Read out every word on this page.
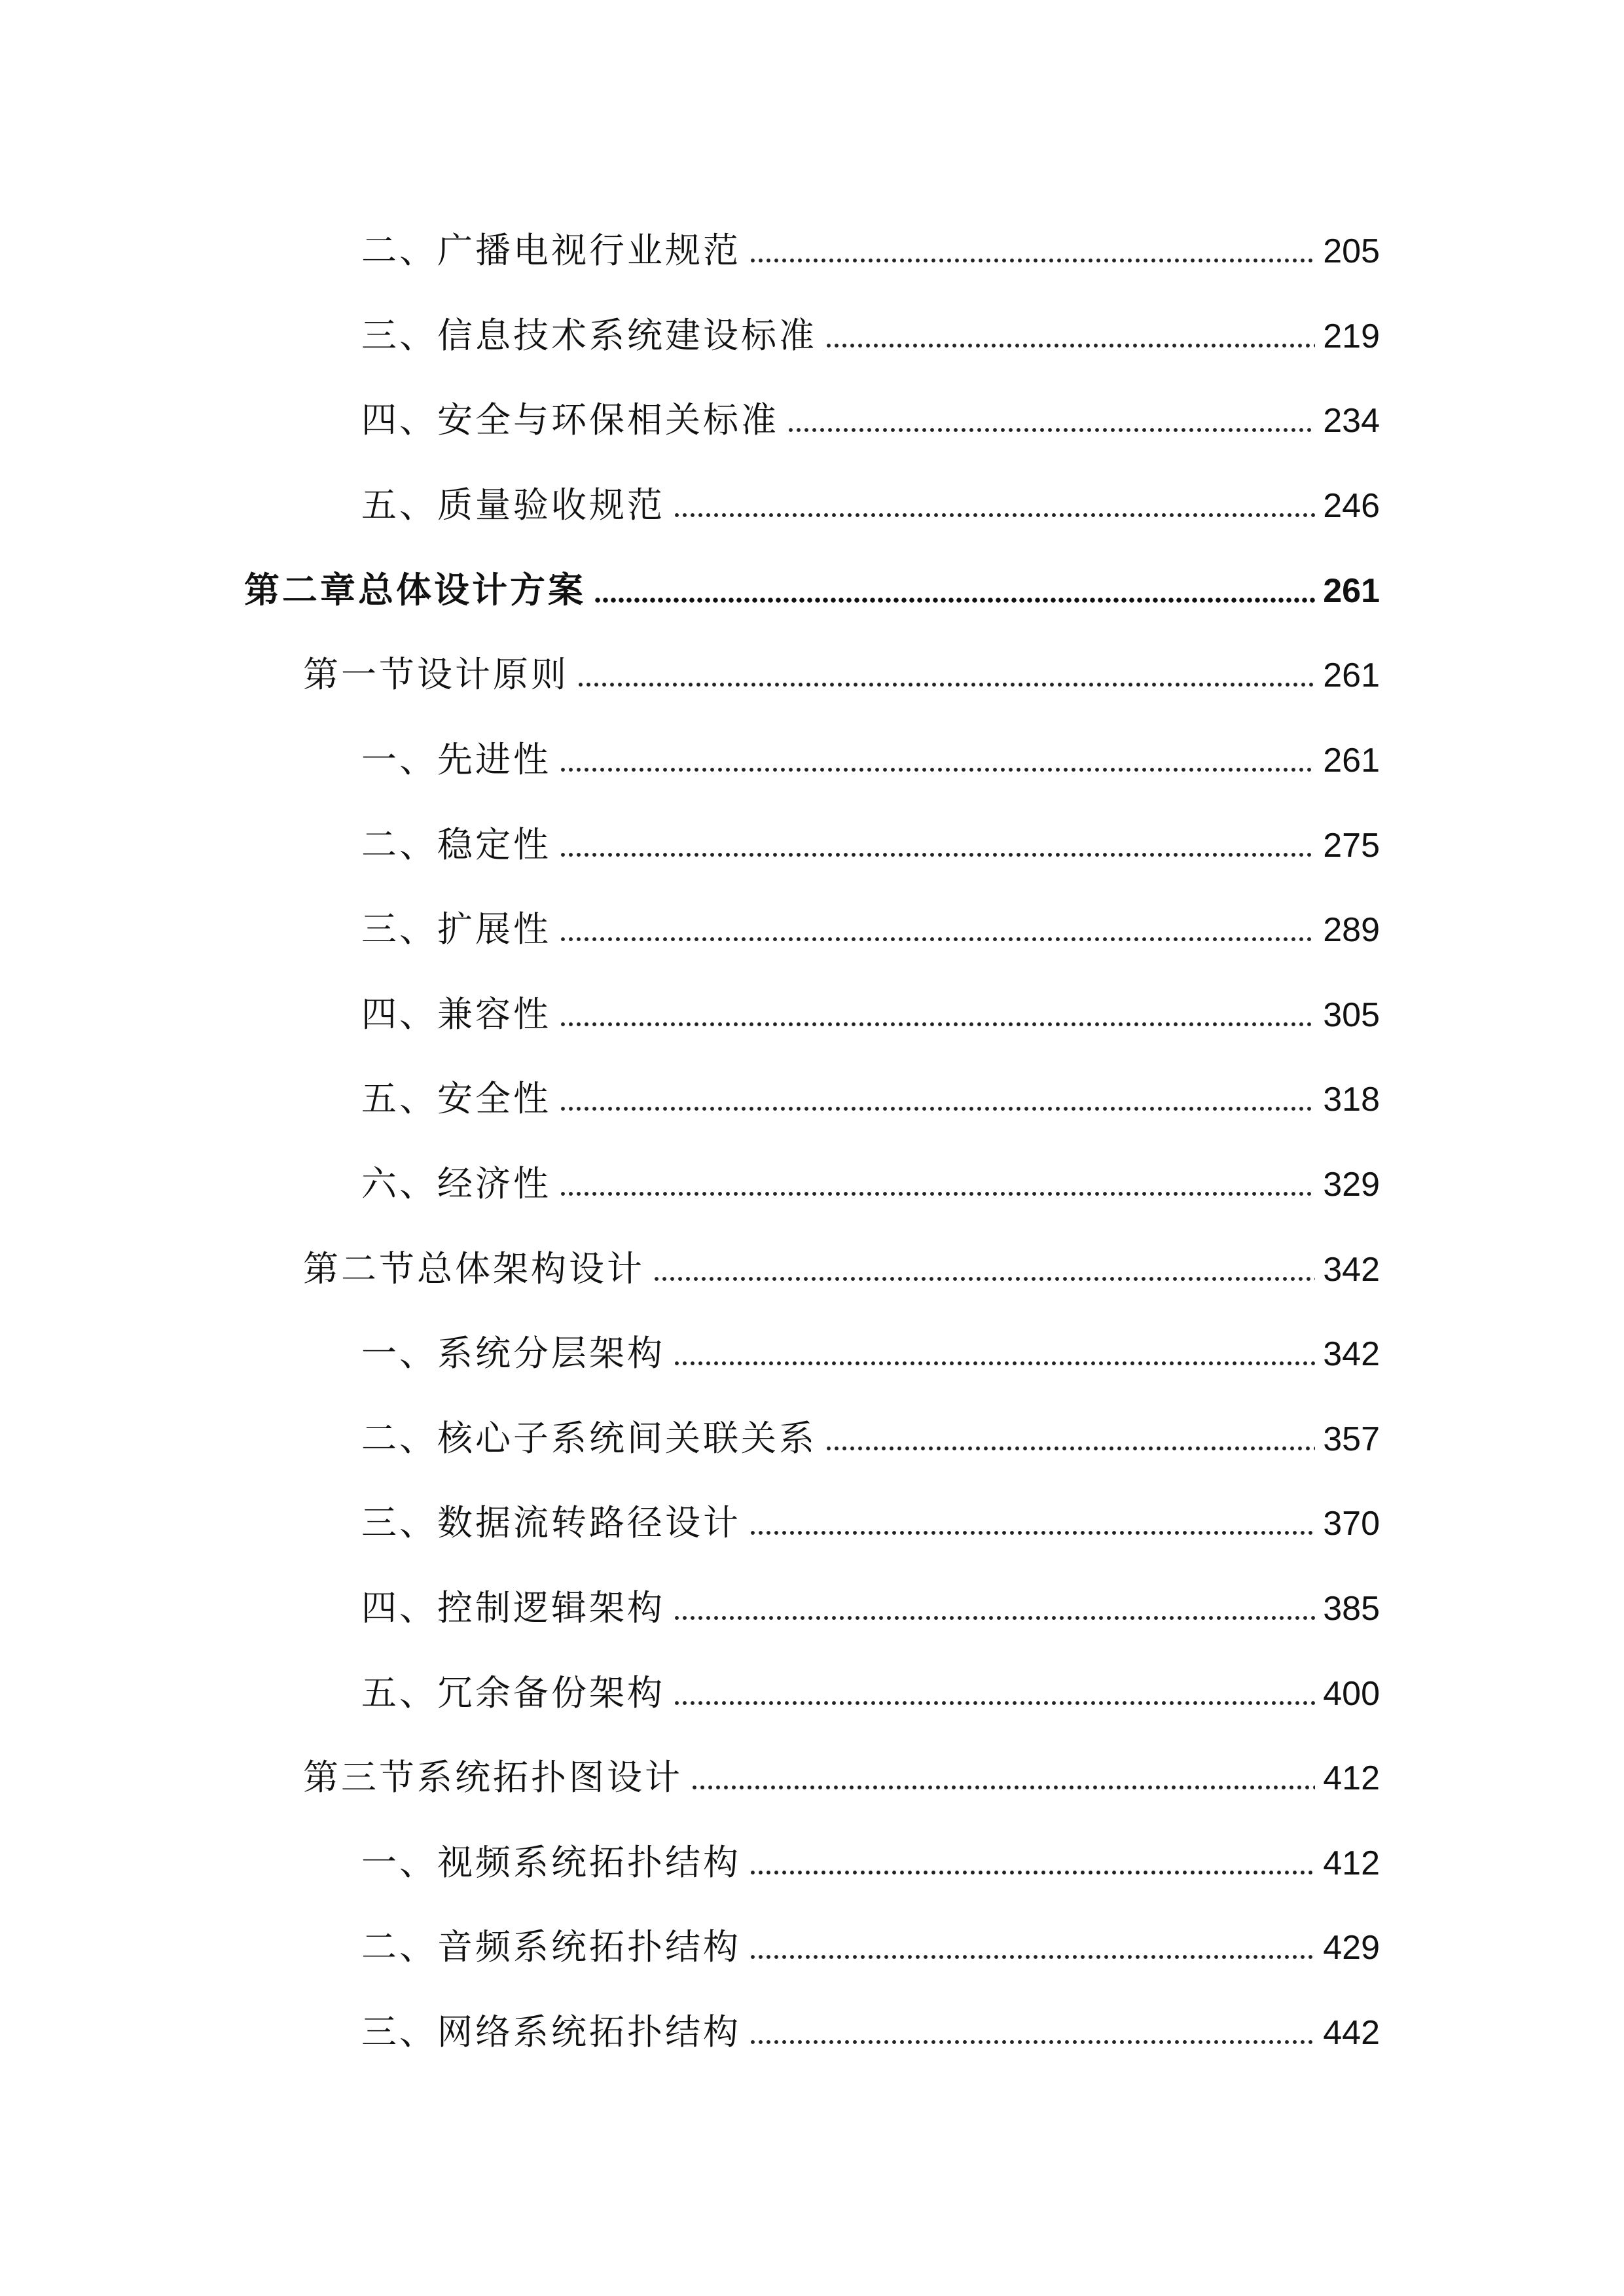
二、广播电视行业规范	205
三、信息技术系统建设标准	219
四、安全与环保相关标准	234
五、质量验收规范	246
第二章总体设计方案	261
第一节设计原则	261
一、先进性	261
二、稳定性	275
三、扩展性	289
四、兼容性	305
五、安全性	318
六、经济性	329
第二节总体架构设计	342
一、系统分层架构	342
二、核心子系统间关联关系	357
三、数据流转路径设计	370
四、控制逻辑架构	385
五、冗余备份架构	400
第三节系统拓扑图设计	412
一、视频系统拓扑结构	412
二、音频系统拓扑结构	429
三、网络系统拓扑结构	442
